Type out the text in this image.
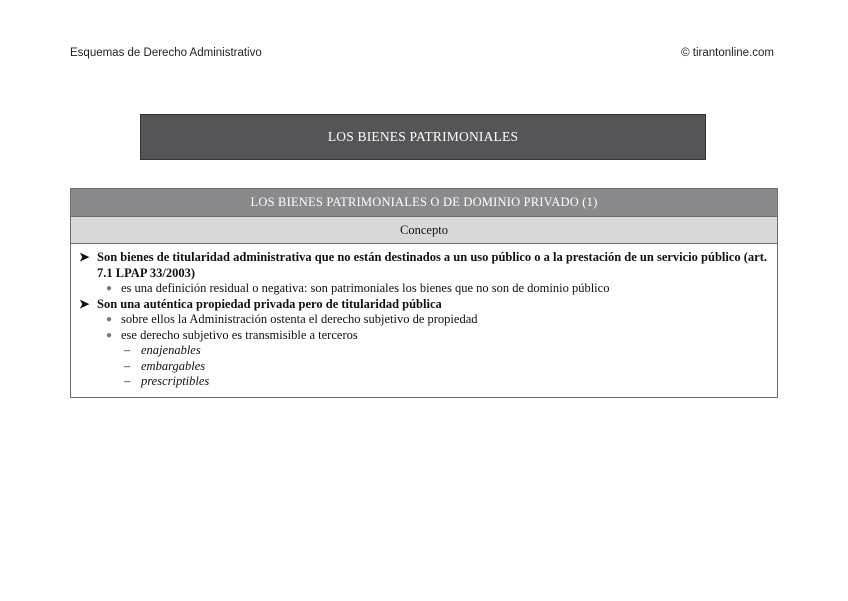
Esquemas de Derecho Administrativo	© tirantonline.com
LOS BIENES PATRIMONIALES
LOS BIENES PATRIMONIALES O DE DOMINIO PRIVADO (1)
Concepto
➤ Son bienes de titularidad administrativa que no están destinados a un uso público o a la prestación de un servicio público (art. 7.1 LPAP 33/2003)
● es una definición residual o negativa: son patrimoniales los bienes que no son de dominio público
➤ Son una auténtica propiedad privada pero de titularidad pública
● sobre ellos la Administración ostenta el derecho subjetivo de propiedad
● ese derecho subjetivo es transmisible a terceros
– enajenables
– embargables
– prescriptibles
